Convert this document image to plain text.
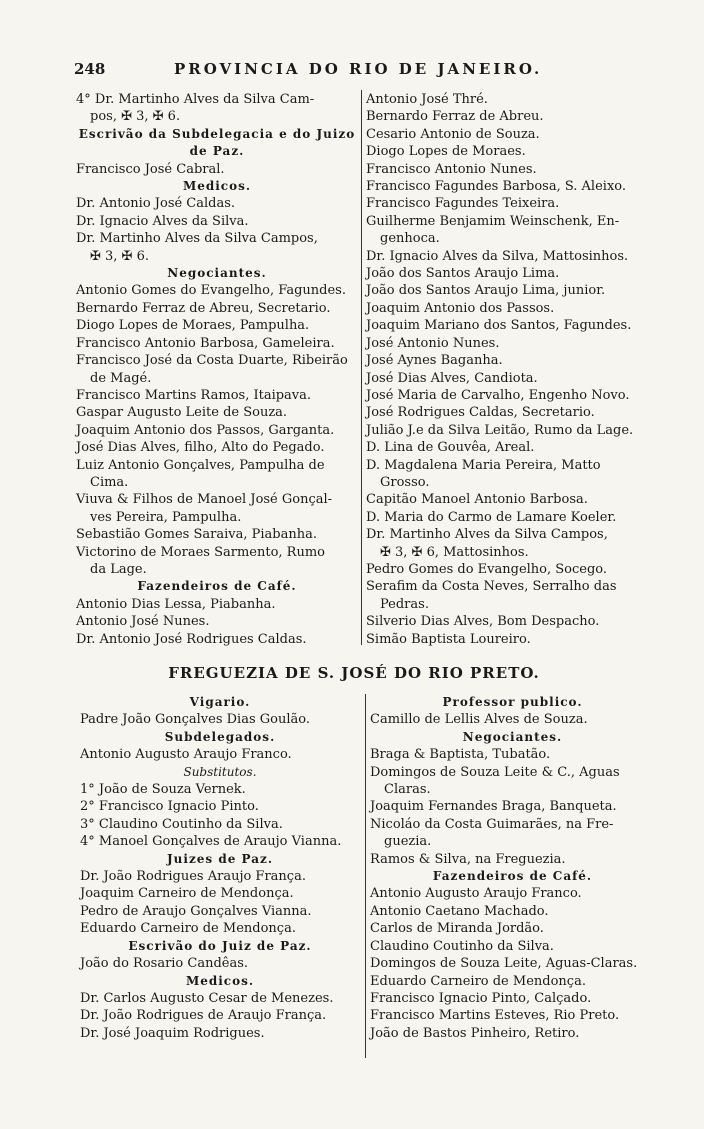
248	PROVINCIA DO RIO DE JANEIRO.

4° Dr. Martinho Alves da Silva Cam-

pos, ✠ 3, ✠ 6.

Escrivão da Subdelegacia e do Juizo

de Paz.

Francisco José Cabral.

Medicos.

Dr. Antonio José Caldas.

Dr. Ignacio Alves da Silva.

Dr. Martinho Alves da Silva Campos,

✠ 3, ✠ 6.

Negociantes.

Antonio Gomes do Evangelho, Fagundes.

Bernardo Ferraz de Abreu, Secretario.

Diogo Lopes de Moraes, Pampulha.

Francisco Antonio Barbosa, Gameleira.

Francisco José da Costa Duarte, Ribeirão

de Magé.

Francisco Martins Ramos, Itaipava.

Gaspar Augusto Leite de Souza.

Joaquim Antonio dos Passos, Garganta.

José Dias Alves, filho, Alto do Pegado.

Luiz Antonio Gonçalves, Pampulha de

Cima.

Viuva & Filhos de Manoel José Gonçal-

ves Pereira, Pampulha.

Sebastião Gomes Saraiva, Piabanha.

Victorino de Moraes Sarmento, Rumo

da Lage.

Fazendeiros de Café.

Antonio Dias Lessa, Piabanha.

Antonio José Nunes.

Dr. Antonio José Rodrigues Caldas.

Antonio José Thré.

Bernardo Ferraz de Abreu.

Cesario Antonio de Souza.

Diogo Lopes de Moraes.

Francisco Antonio Nunes.

Francisco Fagundes Barbosa, S. Aleixo.

Francisco Fagundes Teixeira.

Guilherme Benjamim Weinschenk, En-

genhoca.

Dr. Ignacio Alves da Silva, Mattosinhos.

João dos Santos Araujo Lima.

João dos Santos Araujo Lima, junior.

Joaquim Antonio dos Passos.

Joaquim Mariano dos Santos, Fagundes.

José Antonio Nunes.

José Aynes Baganha.

José Dias Alves, Candiota.

José Maria de Carvalho, Engenho Novo.

José Rodrigues Caldas, Secretario.

Julião J.e da Silva Leitão, Rumo da Lage.

D. Lina de Gouvêa, Areal.

D. Magdalena Maria Pereira, Matto

Grosso.

Capitão Manoel Antonio Barbosa.

D. Maria do Carmo de Lamare Koeler.

Dr. Martinho Alves da Silva Campos,

✠ 3, ✠ 6, Mattosinhos.

Pedro Gomes do Evangelho, Socego.

Serafim da Costa Neves, Serralho das

Pedras.

Silverio Dias Alves, Bom Despacho.

Simão Baptista Loureiro.

FREGUEZIA DE S. JOSÉ DO RIO PRETO.

Vigario.

Padre João Gonçalves Dias Goulão.

Subdelegados.

Antonio Augusto Araujo Franco.

Substitutos.

1° João de Souza Vernek.

2° Francisco Ignacio Pinto.

3° Claudino Coutinho da Silva.

4° Manoel Gonçalves de Araujo Vianna.

Juizes de Paz.

Dr. João Rodrigues Araujo França.

Joaquim Carneiro de Mendonça.

Pedro de Araujo Gonçalves Vianna.

Eduardo Carneiro de Mendonça.

Escrivão do Juiz de Paz.

João do Rosario Candêas.

Medicos.

Dr. Carlos Augusto Cesar de Menezes.

Dr. João Rodrigues de Araujo França.

Dr. José Joaquim Rodrigues.

Professor publico.

Camillo de Lellis Alves de Souza.

Negociantes.

Braga & Baptista, Tubatão.

Domingos de Souza Leite & C., Aguas

Claras.

Joaquim Fernandes Braga, Banqueta.

Nicoláo da Costa Guimarães, na Fre-

guezia.

Ramos & Silva, na Freguezia.

Fazendeiros de Café.

Antonio Augusto Araujo Franco.

Antonio Caetano Machado.

Carlos de Miranda Jordão.

Claudino Coutinho da Silva.

Domingos de Souza Leite, Aguas-Claras.

Eduardo Carneiro de Mendonça.

Francisco Ignacio Pinto, Calçado.

Francisco Martins Esteves, Rio Preto.

João de Bastos Pinheiro, Retiro.
